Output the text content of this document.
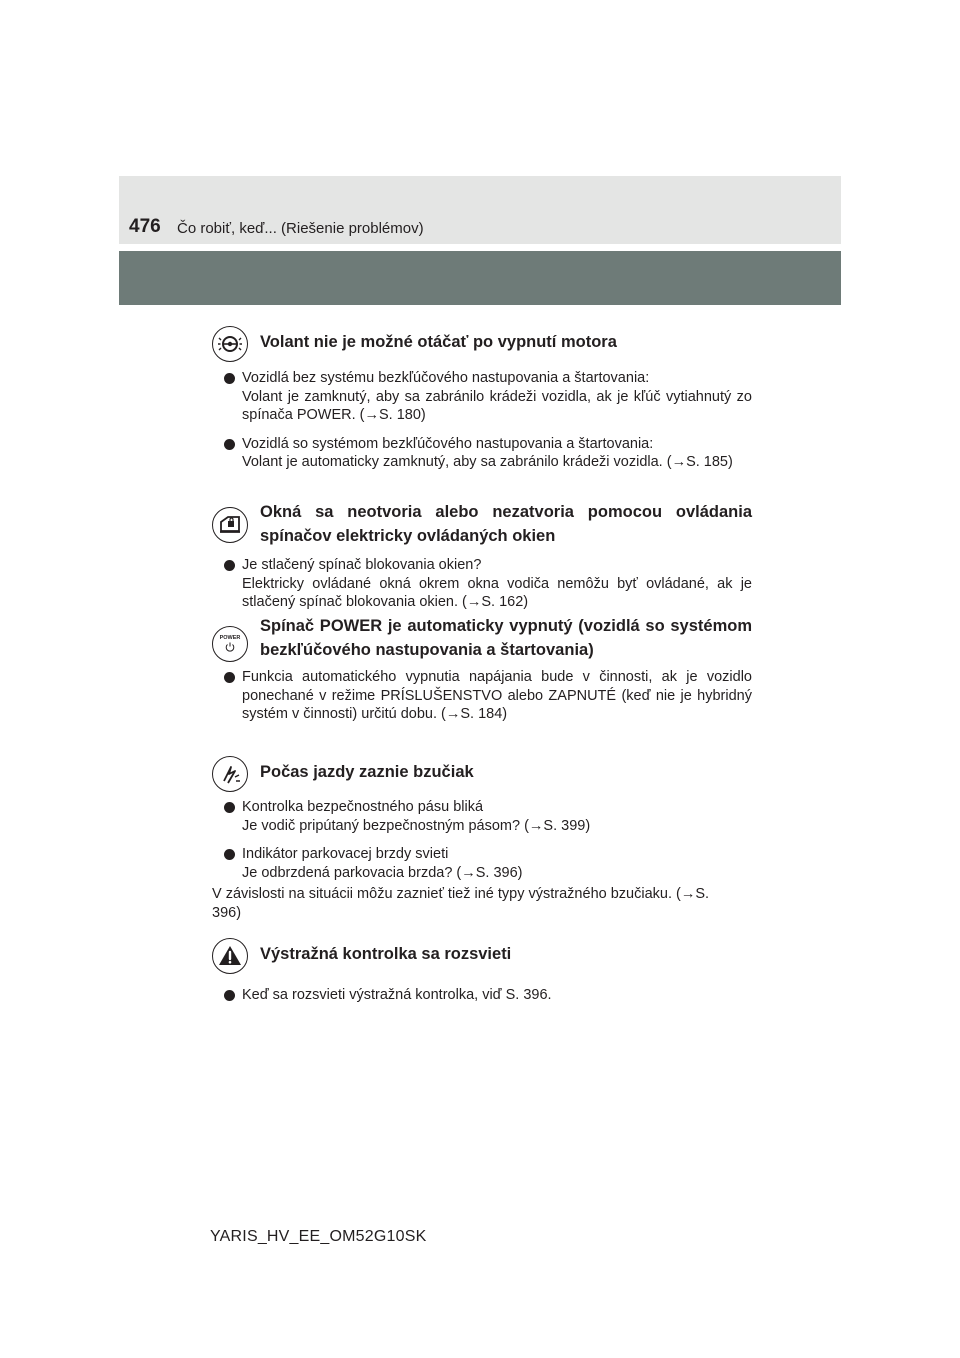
476 Čo robiť, keď... (Riešenie problémov)
Volant nie je možné otáčať po vypnutí motora

Vozidlá bez systému bezkľúčového nastupovania a štartovania:

Volant je zamknutý, aby sa zabránilo krádeži vozidla, ak je kľúč vytiahnutý zo spínača POWER. (→S. 180)

Vozidlá so systémom bezkľúčového nastupovania a štartovania:

Volant je automaticky zamknutý, aby sa zabránilo krádeži vozidla. (→S. 185)

Okná sa neotvoria alebo nezatvoria pomocou ovládania spínačov elektricky ovládaných okien

Je stlačený spínač blokovania okien?

Elektricky ovládané okná okrem okna vodiča nemôžu byť ovládané, ak je stlačený spínač blokovania okien. (→S. 162)

POWER
Spínač POWER je automaticky vypnutý (vozidlá so systémom bezkľúčového nastupovania a štartovania)

Funkcia automatického vypnutia napájania bude v činnosti, ak je vozidlo ponechané v režime PRÍSLUŠENSTVO alebo ZAPNUTÉ (keď nie je hybridný systém v činnosti) určitú dobu. (→S. 184)

Počas jazdy zaznie bzučiak

Kontrolka bezpečnostného pásu bliká

Je vodič pripútaný bezpečnostným pásom? (→S. 399)

Indikátor parkovacej brzdy svieti

Je odbrzdená parkovacia brzda? (→S. 396)

V závislosti na situácii môžu zaznieť tiež iné typy výstražného bzučiaku. (→S. 396)

Výstražná kontrolka sa rozsvieti

Keď sa rozsvieti výstražná kontrolka, viď S. 396.

YARIS_HV_EE_OM52G10SK
